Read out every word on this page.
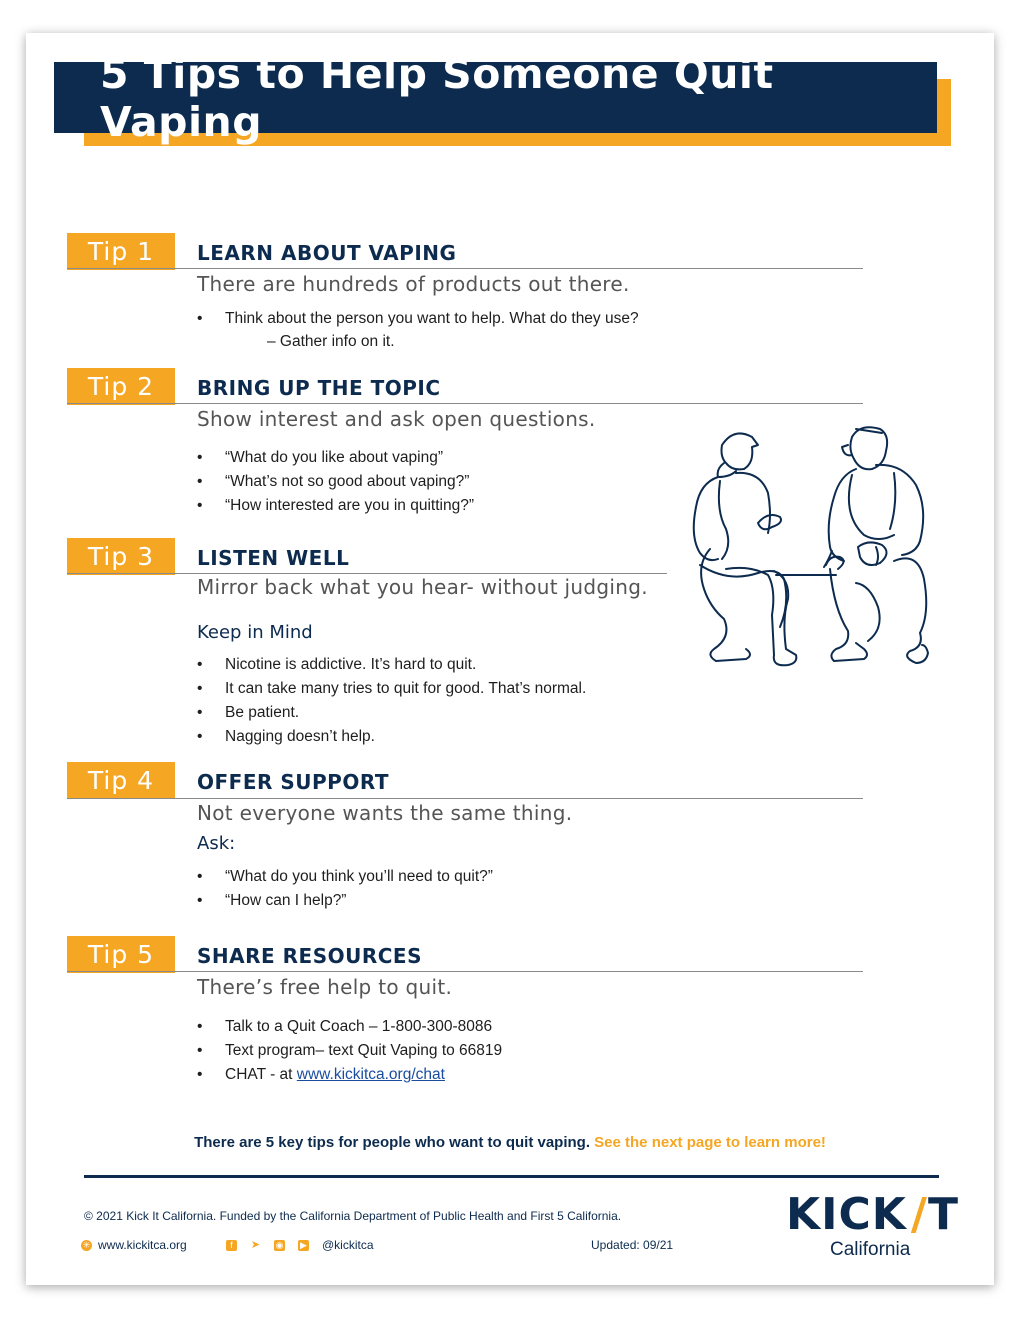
5 Tips to Help Someone Quit Vaping
Tip 1	LEARN ABOUT VAPING
There are hundreds of products out there.
• Think about the person you want to help. What do they use?
– Gather info on it.
Tip 2	BRING UP THE TOPIC
Show interest and ask open questions.
• “What do you like about vaping”
• “What’s not so good about vaping?”
• “How interested are you in quitting?”
Tip 3	LISTEN WELL
Mirror back what you hear- without judging.
Keep in Mind
• Nicotine is addictive. It’s hard to quit.
• It can take many tries to quit for good. That’s normal.
• Be patient.
• Nagging doesn’t help.
Tip 4	OFFER SUPPORT
Not everyone wants the same thing.
Ask:
• “What do you think you’ll need to quit?”
• “How can I help?”
Tip 5	SHARE RESOURCES
There’s free help to quit.
• Talk to a Quit Coach – 1-800-300-8086
• Text program– text Quit Vaping to 66819
• CHAT - at www.kickitca.org/chat
There are 5 key tips for people who want to quit vaping. See the next page to learn more!
© 2021 Kick It California. Funded by the California Department of Public Health and First 5 California.
✳ www.kickitca.org	f	➤ ◉ ▶ @kickitca	Updated: 09/21
KICK/T
California
